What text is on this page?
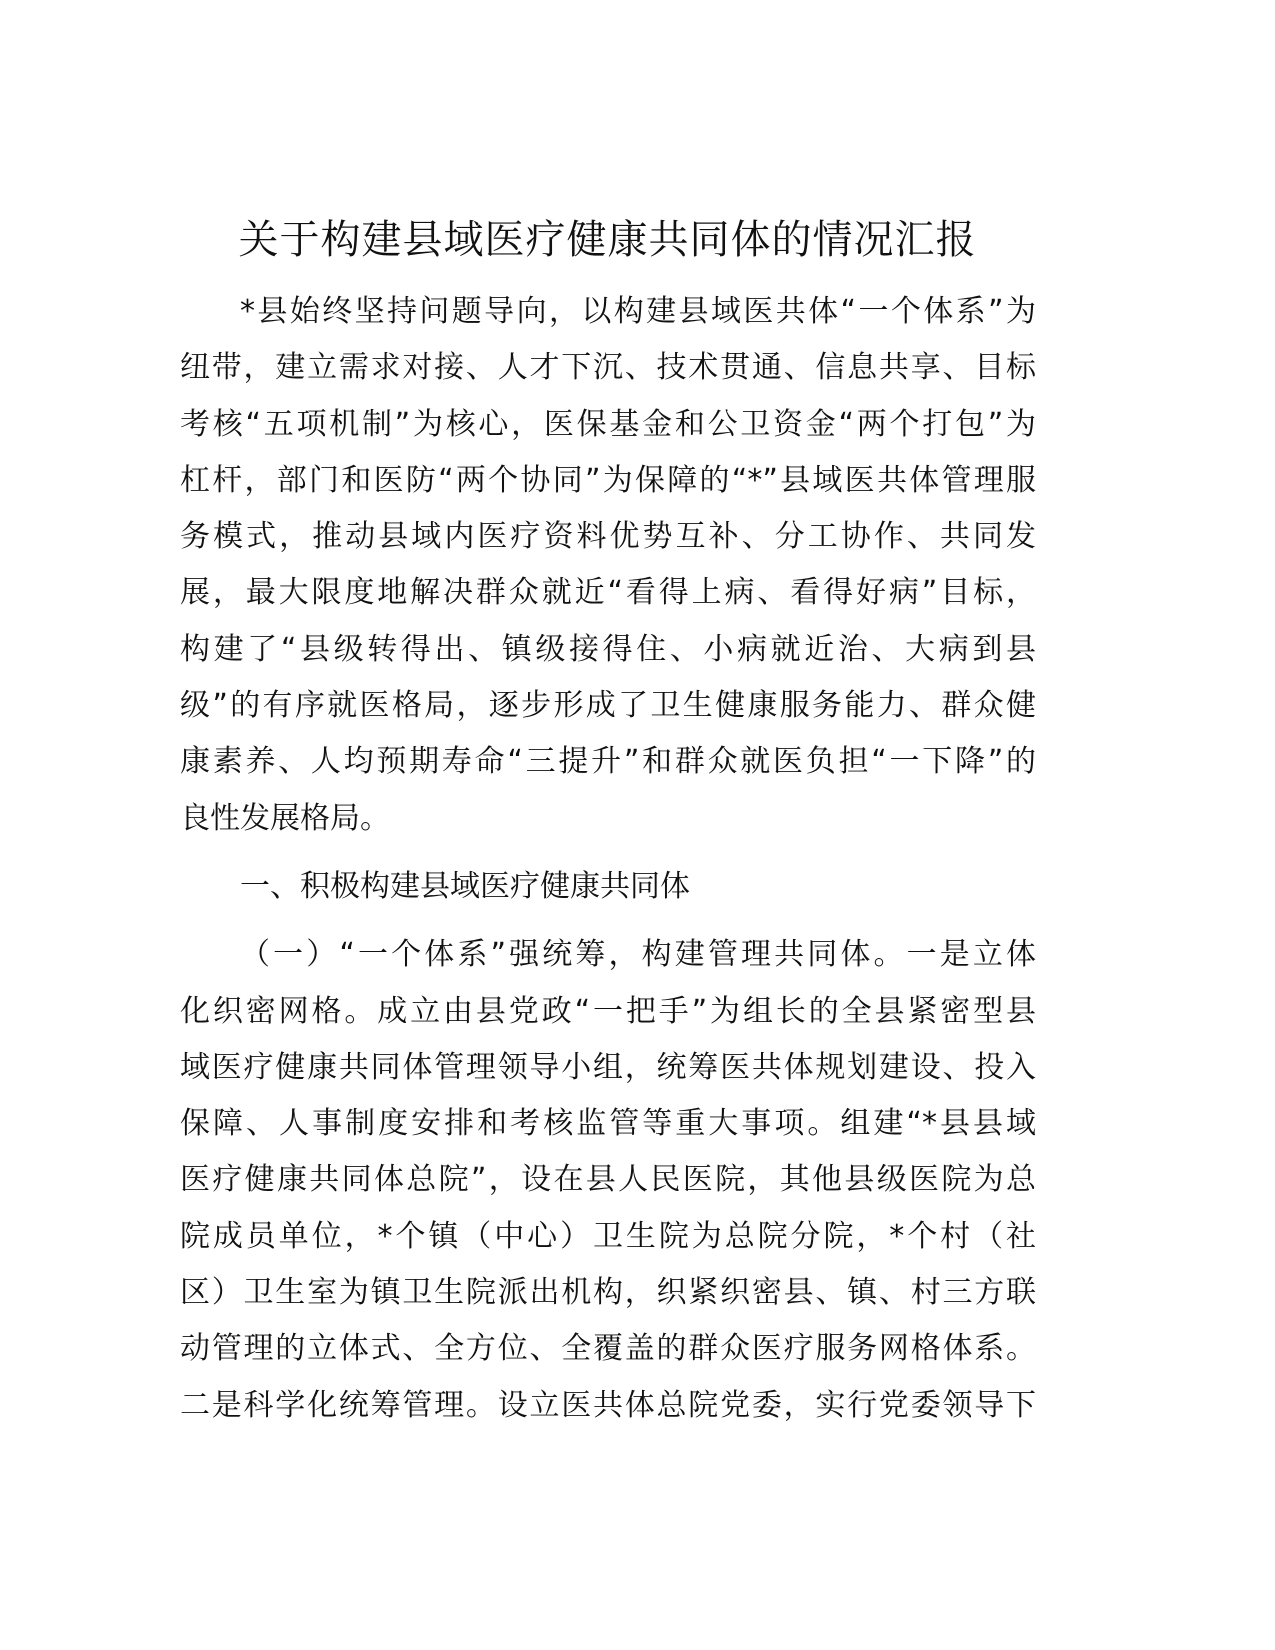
关于构建县域医疗健康共同体的情况汇报
*县始终坚持问题导向，以构建县域医共体“一个体系”为
纽带，建立需求对接、人才下沉、技术贯通、信息共享、目标
考核“五项机制”为核心，医保基金和公卫资金“两个打包”为
杠杆，部门和医防“两个协同”为保障的“*”县域医共体管理服
务模式，推动县域内医疗资料优势互补、分工协作、共同发
展，最大限度地解决群众就近“看得上病、看得好病”目标，
构建了“县级转得出、镇级接得住、小病就近治、大病到县
级”的有序就医格局，逐步形成了卫生健康服务能力、群众健
康素养、人均预期寿命“三提升”和群众就医负担“一下降”的
良性发展格局。
一、积极构建县域医疗健康共同体
（一）“一个体系”强统筹，构建管理共同体。一是立体
化织密网格。成立由县党政“一把手”为组长的全县紧密型县
域医疗健康共同体管理领导小组，统筹医共体规划建设、投入
保障、人事制度安排和考核监管等重大事项。组建“*县县域
医疗健康共同体总院”，设在县人民医院，其他县级医院为总
院成员单位，*个镇（中心）卫生院为总院分院，*个村（社
区）卫生室为镇卫生院派出机构，织紧织密县、镇、村三方联
动管理的立体式、全方位、全覆盖的群众医疗服务网格体系。
二是科学化统筹管理。设立医共体总院党委，实行党委领导下
